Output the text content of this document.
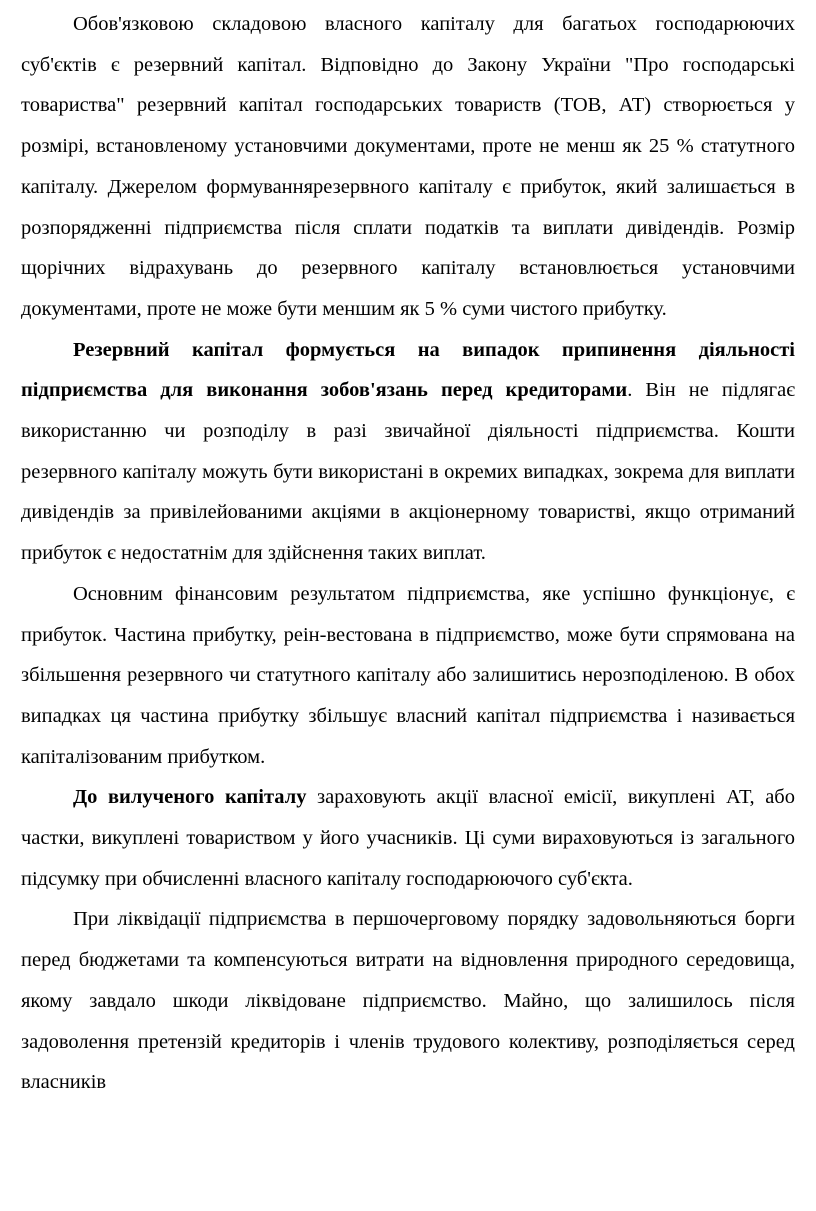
Обов'язковою складовою власного капіталу для багатьох господарюючих суб'єктів є резервний капітал. Відповідно до Закону України "Про господарські товариства" резервний капітал господарських товариств (ТОВ, АТ) створюється у розмірі, встановленому установчими документами, проте не менш як 25 % статутного капіталу. Джерелом формуваннярезервного капіталу є прибуток, який залишається в розпорядженні підприємства після сплати податків та виплати дивідендів. Розмір щорічних відрахувань до резервного капіталу встановлюється установчими документами, проте не може бути меншим як 5 % суми чистого прибутку.

Резервний капітал формується на випадок припинення діяльності підприємства для виконання зобов'язань перед кредиторами. Він не підлягає використанню чи розподілу в разі звичайної діяльності підприємства. Кошти резервного капіталу можуть бути використані в окремих випадках, зокрема для виплати дивідендів за привілейованими акціями в акціонерному товаристві, якщо отриманий прибуток є недостатнім для здійснення таких виплат.

Основним фінансовим результатом підприємства, яке успішно функціонує, є прибуток. Частина прибутку, реін-вестована в підприємство, може бути спрямована на збільшення резервного чи статутного капіталу або залишитись нерозподіленою. В обох випадках ця частина прибутку збільшує власний капітал підприємства і називається капіталізованим прибутком.

До вилученого капіталу зараховують акції власної емісії, викуплені АТ, або частки, викуплені товариством у його учасників. Ці суми вираховуються із загального підсумку при обчисленні власного капіталу господарюючого суб'єкта.

При ліквідації підприємства в першочерговому порядку задовольняються борги перед бюджетами та компенсуються витрати на відновлення природного середовища, якому завдало шкоди ліквідоване підприємство. Майно, що залишилось після задоволення претензій кредиторів і членів трудового колективу, розподіляється серед власників
